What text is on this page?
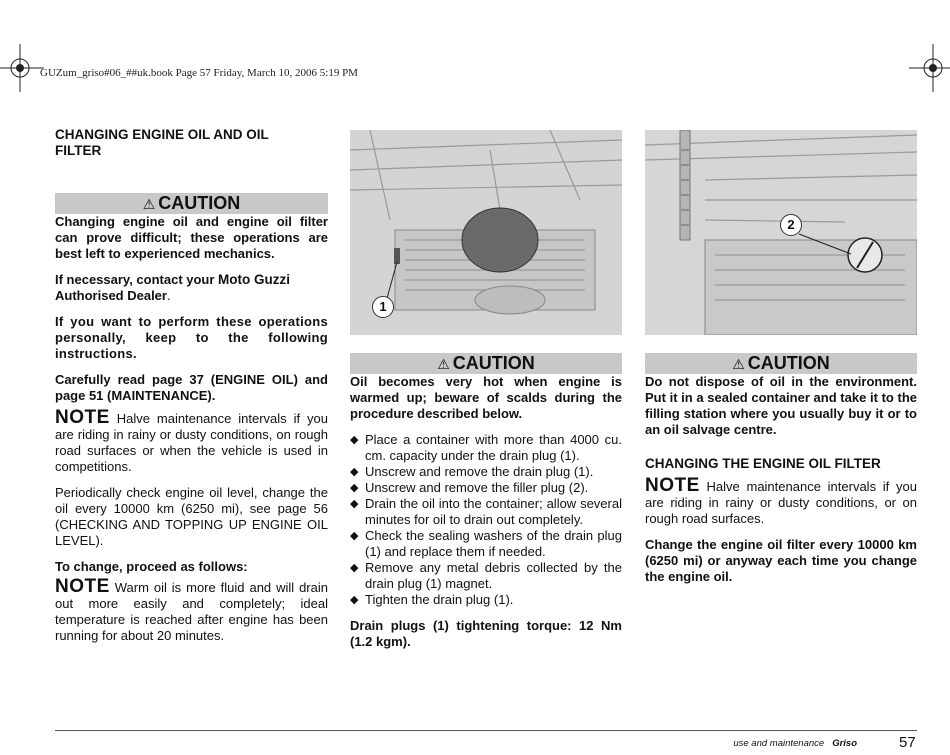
GUZum_griso#06_##uk.book Page 57 Friday, March 10, 2006 5:19 PM
CHANGING ENGINE OIL AND OIL
FILTER
⚠ CAUTION

Changing engine oil and engine oil filter can prove difficult; these operations are best left to experienced mechanics.

If necessary, contact your Moto Guzzi
Authorised Dealer.

If you want to perform these operations personally, keep to the following instructions.

Carefully read page 37 (ENGINE OIL) and page 51 (MAINTENANCE).

NOTE Halve maintenance intervals if you are riding in rainy or dusty conditions, on rough road surfaces or when the vehicle is used in competitions.

Periodically check engine oil level, change the oil every 10000 km (6250 mi), see page 56 (CHECKING AND TOPPING UP ENGINE OIL LEVEL).

To change, proceed as follows:

NOTE Warm oil is more fluid and will drain out more easily and completely; ideal temperature is reached after engine has been running for about 20 minutes.

1
2
⚠ CAUTION

Oil becomes very hot when engine is warmed up; beware of scalds during the procedure described below.

◆ Place a container with more than 4000 cu. cm. capacity under the drain plug (1).
◆ Unscrew and remove the drain plug (1).
◆ Unscrew and remove the filler plug (2).
◆ Drain the oil into the container; allow several minutes for oil to drain out completely.
◆ Check the sealing washers of the drain plug (1) and replace them if needed.
◆ Remove any metal debris collected by the drain plug (1) magnet.
◆ Tighten the drain plug (1).

Drain plugs (1) tightening torque: 12 Nm (1.2 kgm).

⚠ CAUTION

Do not dispose of oil in the environment. Put it in a sealed container and take it to the filling station where you usually buy it or to an oil salvage centre.

CHANGING THE ENGINE OIL FILTER

NOTE Halve maintenance intervals if you are riding in rainy or dusty conditions, or on rough road surfaces.

Change the engine oil filter every 10000 km (6250 mi) or anyway each time you change the engine oil.

use and maintenance Griso	57
